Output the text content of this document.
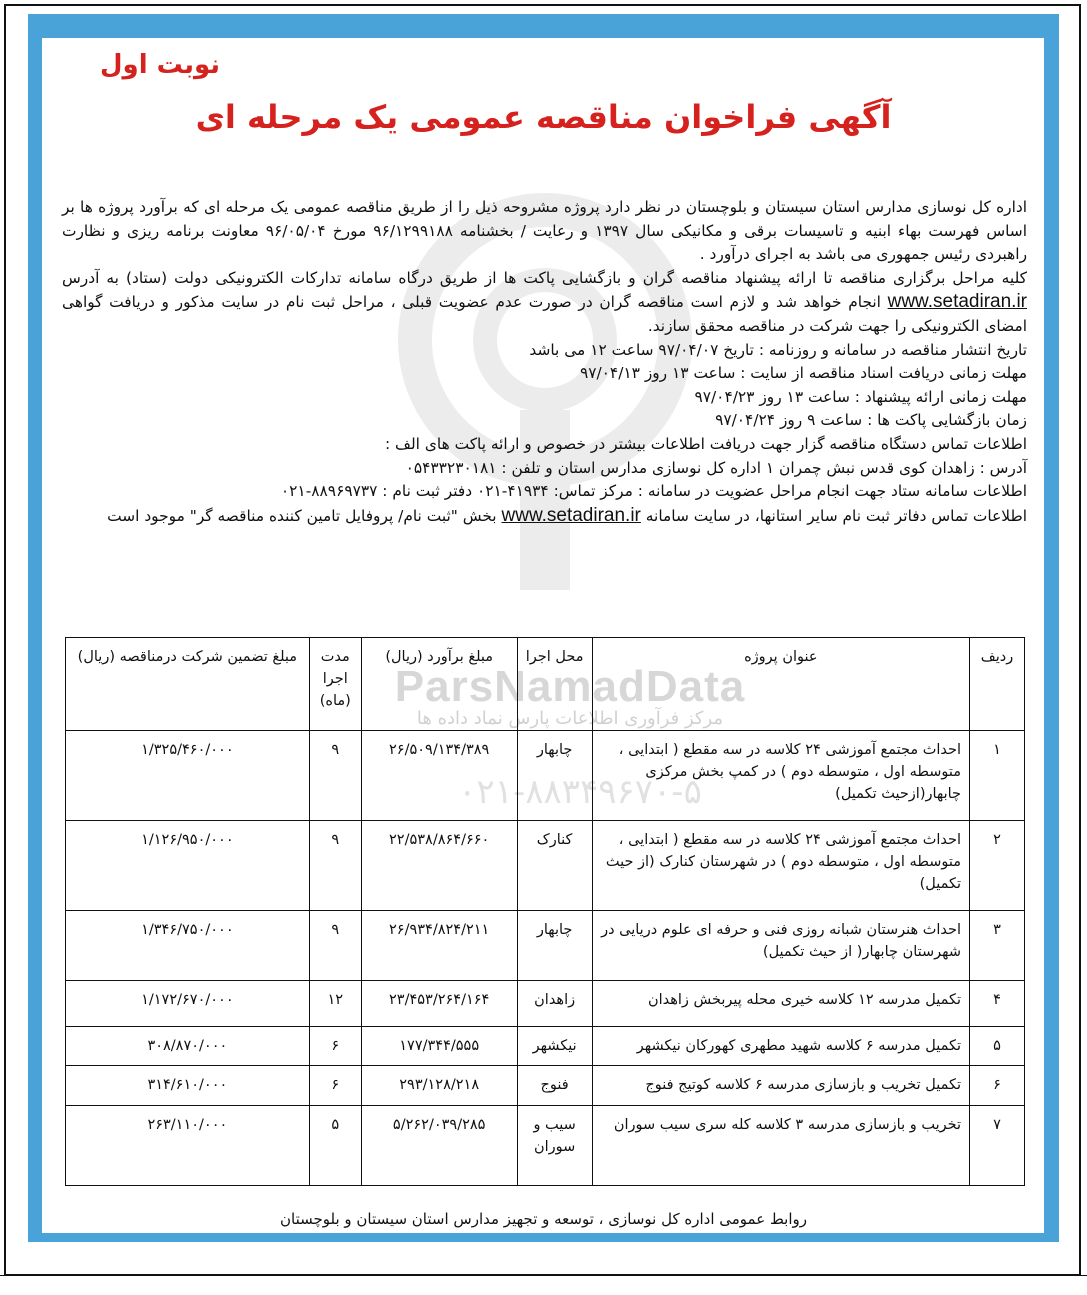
ParsNamadData
مرکز فرآوری اطلاعات پارس نماد داده ها
۰۲۱-۸۸۳۴۹۶۷۰-۵
نوبت اول
آگهی فراخوان مناقصه عمومی یک مرحله ای

اداره کل نوسازی مدارس استان سیستان و بلوچستان در نظر دارد پروژه مشروحه ذیل را از طریق مناقصه عمومی یک مرحله ای که برآورد پروژه ها بر اساس فهرست بهاء ابنیه و تاسیسات برقی و مکانیکی سال ۱۳۹۷ و رعایت / بخشنامه ۹۶/۱۲۹۹۱۸۸ مورخ ۹۶/۰۵/۰۴ معاونت برنامه ریزی و نظارت راهبردی رئیس جمهوری می باشد به اجرای درآورد .

کلیه مراحل برگزاری مناقصه تا ارائه پیشنهاد مناقصه گران و بازگشایی پاکت ها از طریق درگاه سامانه تدارکات الکترونیکی دولت (ستاد) به آدرس www.setadiran.ir انجام خواهد شد و لازم است مناقصه گران در صورت عدم عضویت قبلی ، مراحل ثبت نام در سایت مذکور و دریافت گواهی امضای الکترونیکی را جهت شرکت در مناقصه محقق سازند.

تاریخ انتشار مناقصه در سامانه و روزنامه : تاریخ ۹۷/۰۴/۰۷ ساعت ۱۲ می باشد

مهلت زمانی دریافت اسناد مناقصه از سایت : ساعت ۱۳ روز ۹۷/۰۴/۱۳

مهلت زمانی ارائه پیشنهاد : ساعت ۱۳ روز ۹۷/۰۴/۲۳

زمان بازگشایی پاکت ها : ساعت ۹ روز ۹۷/۰۴/۲۴

اطلاعات تماس دستگاه مناقصه گزار جهت دریافت اطلاعات بیشتر در خصوص و ارائه پاکت های الف :

آدرس : زاهدان کوی قدس نبش چمران ۱ اداره کل نوسازی مدارس استان و تلفن : ۰۵۴۳۳۲۳۰۱۸۱

اطلاعات سامانه ستاد جهت انجام مراحل عضویت در سامانه : مرکز تماس: ۴۱۹۳۴-۰۲۱ دفتر ثبت نام : ۸۸۹۶۹۷۳۷-۰۲۱

اطلاعات تماس دفاتر ثبت نام سایر استانها، در سایت سامانه www.setadiran.ir بخش "ثبت نام/ پروفایل تامین کننده مناقصه گر" موجود است

ردیف	عنوان پروژه	محل اجرا	مبلغ برآورد (ریال)	مدت اجرا (ماه)	مبلغ تضمین شرکت درمناقصه (ریال)
۱	احداث مجتمع آموزشی ۲۴ کلاسه در سه مقطع ( ابتدایی ، متوسطه اول ، متوسطه دوم ) در کمپ بخش مرکزی چابهار(ازحیث تکمیل)	چابهار	۲۶/۵۰۹/۱۳۴/۳۸۹	۹	۱/۳۲۵/۴۶۰/۰۰۰
۲	احداث مجتمع آموزشی ۲۴ کلاسه در سه مقطع ( ابتدایی ، متوسطه اول ، متوسطه دوم ) در شهرستان کنارک (از حیث تکمیل)	کنارک	۲۲/۵۳۸/۸۶۴/۶۶۰	۹	۱/۱۲۶/۹۵۰/۰۰۰
۳	احداث هنرستان شبانه روزی فنی و حرفه ای علوم دریایی در شهرستان چابهار( از حیث تکمیل)	چابهار	۲۶/۹۳۴/۸۲۴/۲۱۱	۹	۱/۳۴۶/۷۵۰/۰۰۰
۴	تکمیل مدرسه ۱۲ کلاسه خیری محله پیربخش زاهدان	زاهدان	۲۳/۴۵۳/۲۶۴/۱۶۴	۱۲	۱/۱۷۲/۶۷۰/۰۰۰
۵	تکمیل مدرسه ۶ کلاسه شهید مطهری کهورکان نیکشهر	نیکشهر	۱۷۷/۳۴۴/۵۵۵	۶	۳۰۸/۸۷۰/۰۰۰
۶	تکمیل تخریب و بازسازی مدرسه ۶ کلاسه کوتیج فنوج	فنوج	۲۹۳/۱۲۸/۲۱۸	۶	۳۱۴/۶۱۰/۰۰۰
۷	تخریب و بازسازی مدرسه ۳ کلاسه کله سری سیب سوران	سیب و سوران	۵/۲۶۲/۰۳۹/۲۸۵	۵	۲۶۳/۱۱۰/۰۰۰
روابط عمومی اداره کل نوسازی ، توسعه و تجهیز مدارس استان سیستان و بلوچستان
